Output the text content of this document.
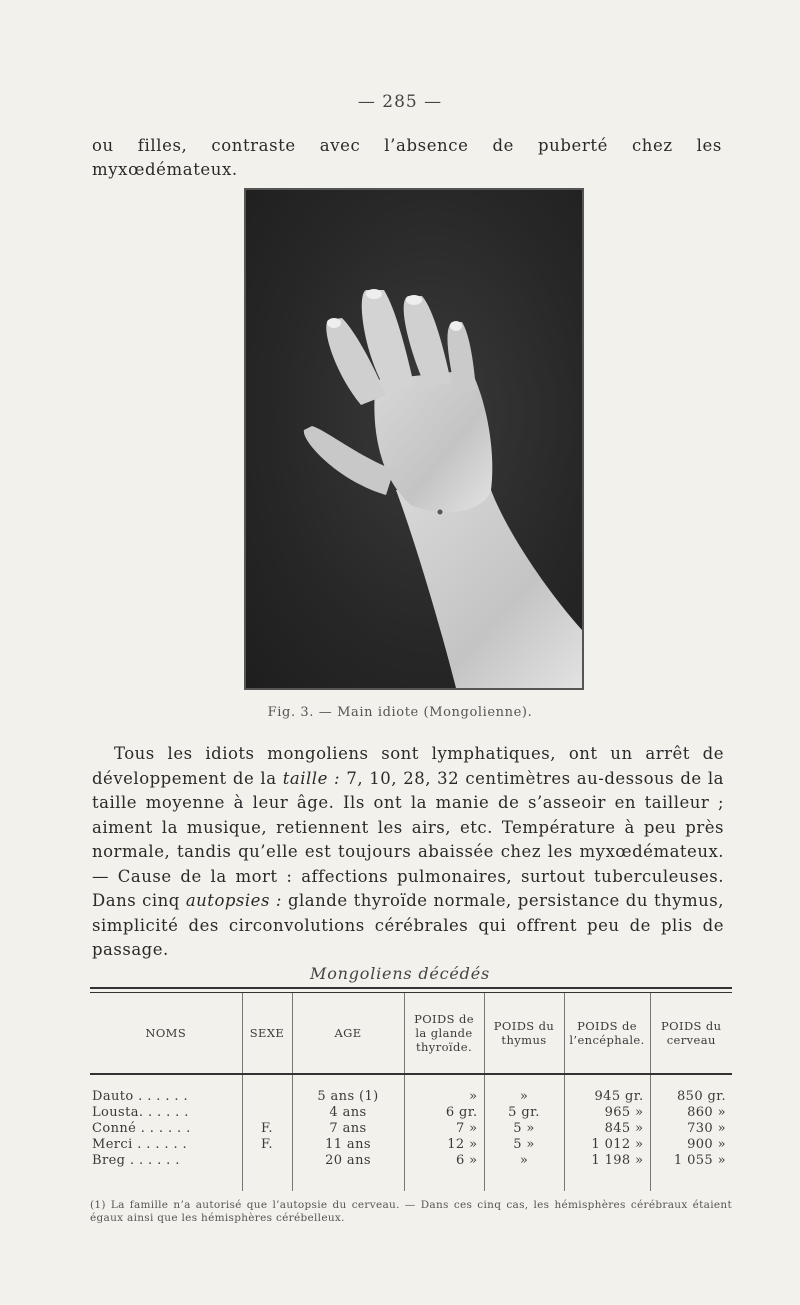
— 285 —

ou filles, contraste avec l’absence de puberté chez les myxœdémateux.

Fig. 3. — Main idiote (Mongolienne).

Tous les idiots mongoliens sont lymphatiques, ont un arrêt de développement de la taille : 7, 10, 28, 32 centimètres au-dessous de la taille moyenne à leur âge. Ils ont la manie de s’asseoir en tailleur ; aiment la musique, retiennent les airs, etc. Température à peu près normale, tandis qu’elle est toujours abaissée chez les myxœdémateux. — Cause de la mort : affections pulmonaires, surtout tuberculeuses. Dans cinq autopsies : glande thyroïde normale, persistance du thymus, simplicité des circonvolutions cérébrales qui offrent peu de plis de passage.

Mongoliens décédés
NOMS	SEXE	AGE	POIDS de la glande thyroïde.	POIDS du thymus	POIDS de l’encéphale.	POIDS du cerveau
Dauto . . . . . .		5 ans (1)	»	»	945 gr.	850 gr.
Lousta. . . . . .		4 ans	6 gr.	5 gr.	965 »	860 »
Conné . . . . . .	F.	7 ans	7 »	5 »	845 »	730 »
Merci . . . . . .	F.	11 ans	12 »	5 »	1 012 »	900 »
Breg . . . . . .		20 ans	6 »	»	1 198 »	1 055 »

(1) La famille n’a autorisé que l’autopsie du cerveau. — Dans ces cinq cas, les hémisphères cérébraux étaient égaux ainsi que les hémisphères cérébelleux.
